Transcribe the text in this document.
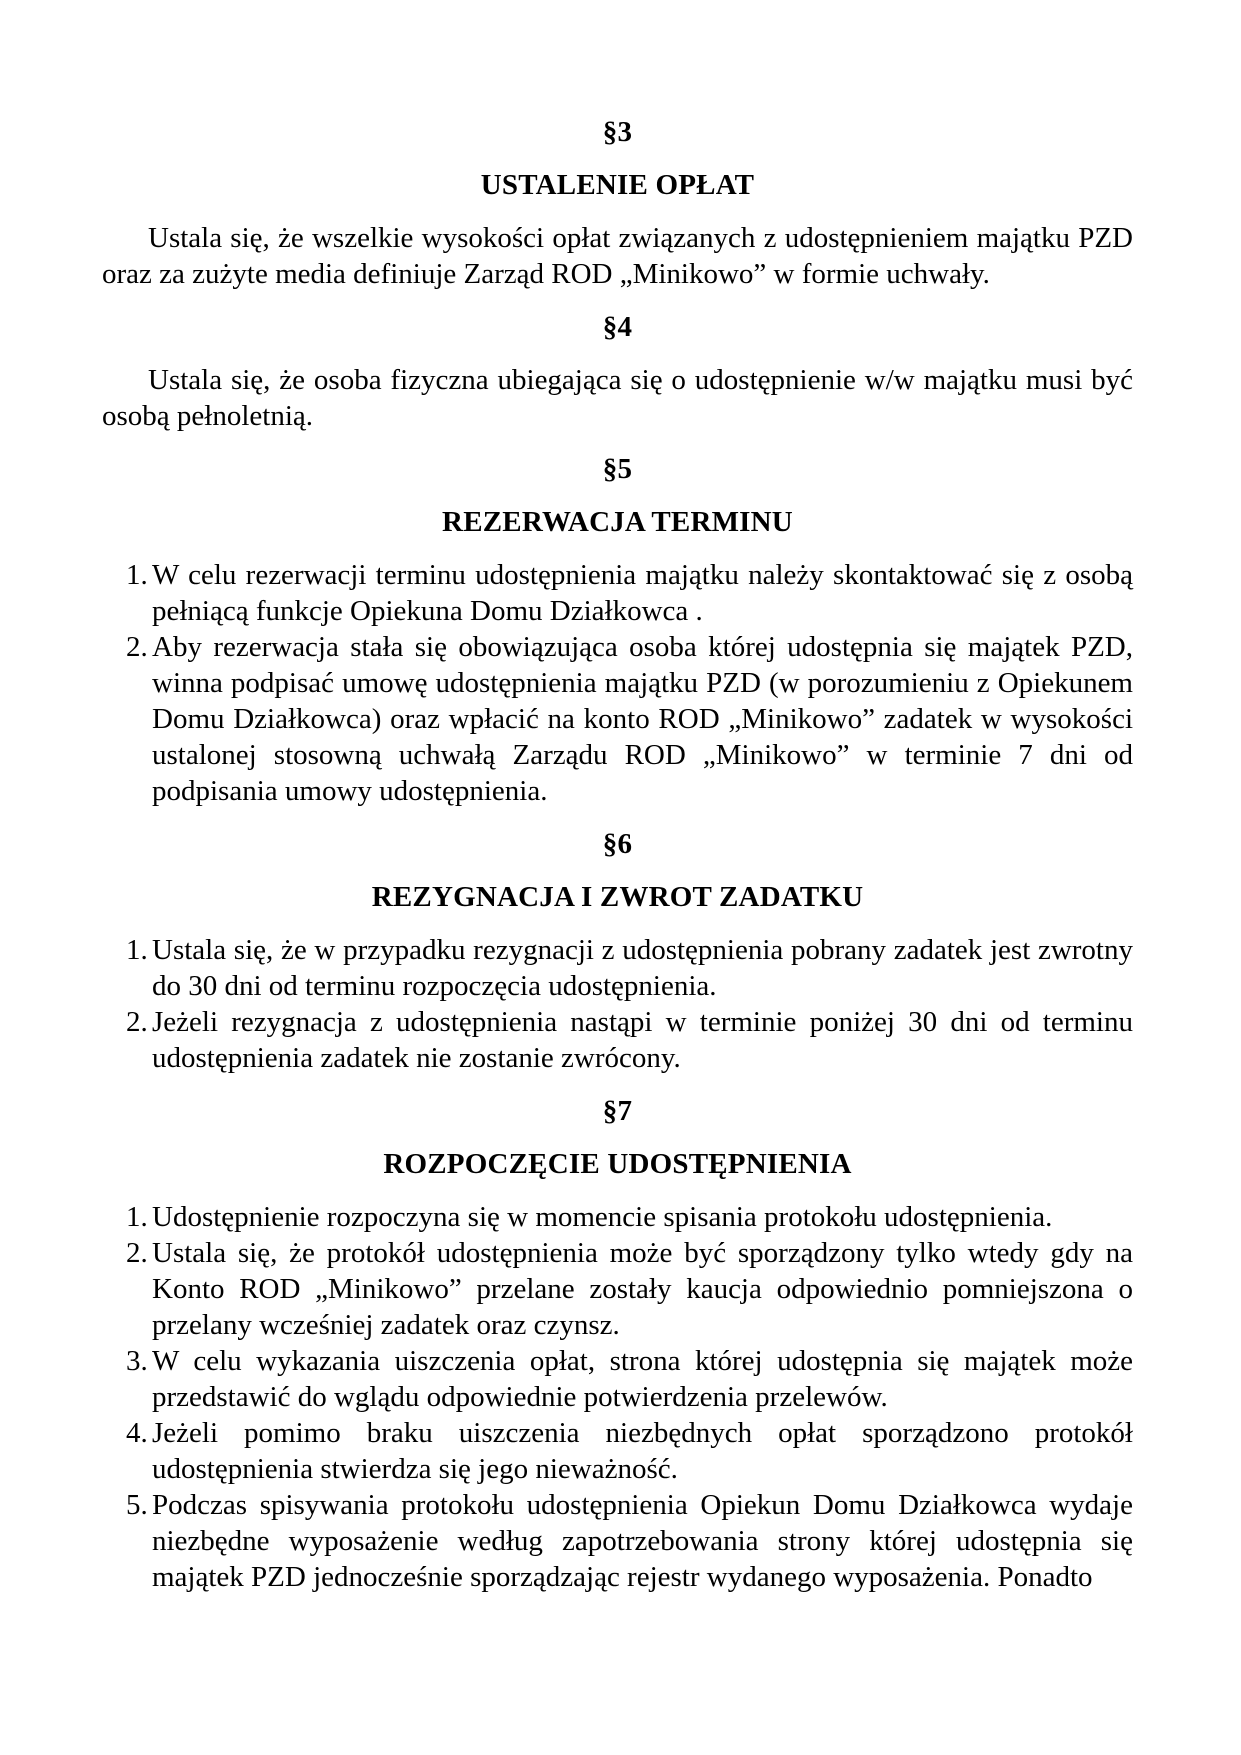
§3
USTALENIE OPŁAT

Ustala się, że wszelkie wysokości opłat związanych z udostępnieniem majątku PZD oraz za zużyte media definiuje Zarząd ROD „Minikowo” w formie uchwały.

§4

Ustala się, że osoba fizyczna ubiegająca się o udostępnienie w/w majątku musi być osobą pełnoletnią.

§5
REZERWACJA TERMINU
1. W celu rezerwacji terminu udostępnienia majątku należy skontaktować się z osobą pełniącą funkcje Opiekuna Domu Działkowca .
2. Aby rezerwacja stała się obowiązująca osoba której udostępnia się majątek PZD, winna podpisać umowę udostępnienia majątku PZD (w porozumieniu z Opiekunem Domu Działkowca) oraz wpłacić na konto ROD „Minikowo” zadatek w wysokości ustalonej stosowną uchwałą Zarządu ROD „Minikowo” w terminie 7 dni od podpisania umowy udostępnienia.
§6
REZYGNACJA I ZWROT ZADATKU
1. Ustala się, że w przypadku rezygnacji z udostępnienia pobrany zadatek jest zwrotny do 30 dni od terminu rozpoczęcia udostępnienia.
2. Jeżeli rezygnacja z udostępnienia nastąpi w terminie poniżej 30 dni od terminu udostępnienia zadatek nie zostanie zwrócony.
§7
ROZPOCZĘCIE UDOSTĘPNIENIA
1. Udostępnienie rozpoczyna się w momencie spisania protokołu udostępnienia.
2. Ustala się, że protokół udostępnienia może być sporządzony tylko wtedy gdy na Konto ROD „Minikowo” przelane zostały kaucja odpowiednio pomniejszona o przelany wcześniej zadatek oraz czynsz.
3. W celu wykazania uiszczenia opłat, strona której udostępnia się majątek może przedstawić do wglądu odpowiednie potwierdzenia przelewów.
4. Jeżeli pomimo braku uiszczenia niezbędnych opłat sporządzono protokół udostępnienia stwierdza się jego nieważność.
5. Podczas spisywania protokołu udostępnienia Opiekun Domu Działkowca wydaje niezbędne wyposażenie według zapotrzebowania strony której udostępnia się majątek PZD jednocześnie sporządzając rejestr wydanego wyposażenia. Ponadto
